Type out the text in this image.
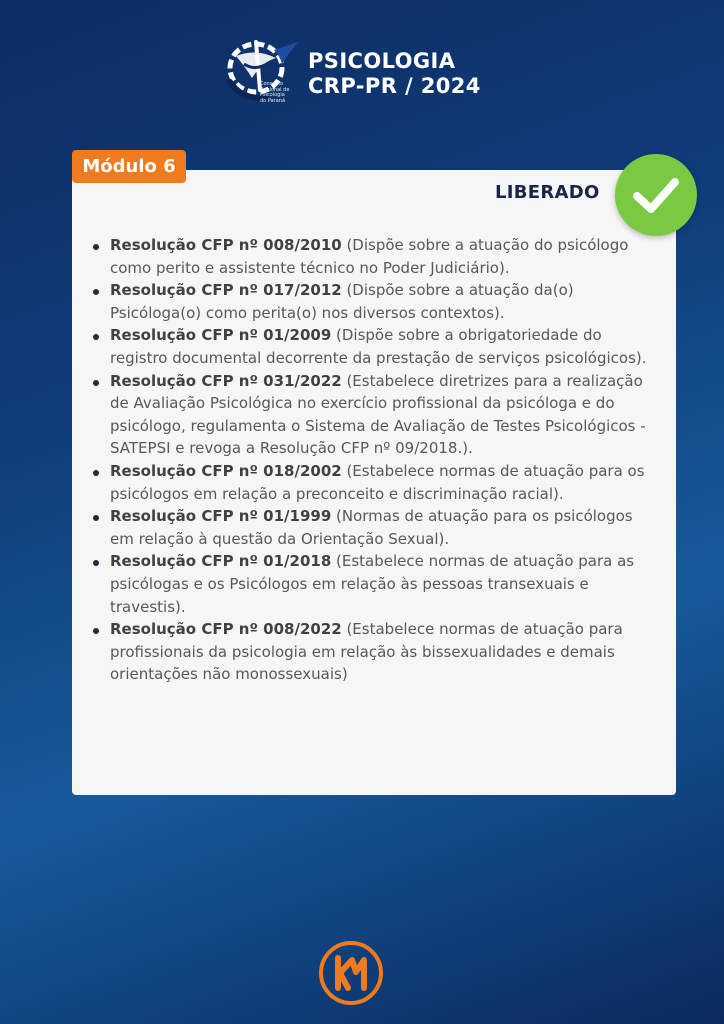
Conselho
Regional de
Psicologia
do Paraná
PSICOLOGIA
CRP-PR / 2024
Módulo 6
LIBERADO
Resolução CFP nº 008/2010 (Dispõe sobre a atuação do psicólogo como perito e assistente técnico no Poder Judiciário).
Resolução CFP nº 017/2012 (Dispõe sobre a atuação da(o) Psicóloga(o) como perita(o) nos diversos contextos).
Resolução CFP nº 01/2009 (Dispõe sobre a obrigatoriedade do registro documental decorrente da prestação de serviços psicológicos).
Resolução CFP nº 031/2022 (Estabelece diretrizes para a realização de Avaliação Psicológica no exercício profissional da psicóloga e do psicólogo, regulamenta o Sistema de Avaliação de Testes Psicológicos -SATEPSI e revoga a Resolução CFP nº 09/2018.).
Resolução CFP nº 018/2002 (Estabelece normas de atuação para os psicólogos em relação a preconceito e discriminação racial).
Resolução CFP nº 01/1999 (Normas de atuação para os psicólogos em relação à questão da Orientação Sexual).
Resolução CFP nº 01/2018 (Estabelece normas de atuação para as psicólogas e os Psicólogos em relação às pessoas transexuais e travestis).
Resolução CFP nº 008/2022 (Estabelece normas de atuação para profissionais da psicologia em relação às bissexualidades e demais orientações não monossexuais)
